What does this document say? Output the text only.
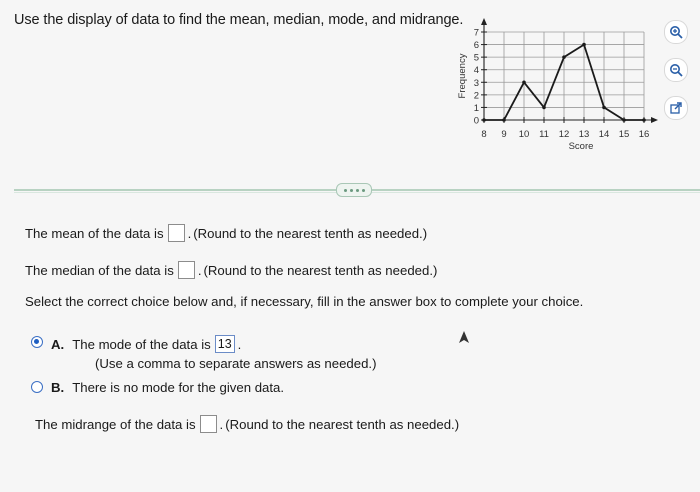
Use the display of data to find the mean, median, mode, and midrange.
0
1
2
3
4
5
6
7
8 9 10 11 12 13 14 15 16
Score
Frequency
The mean of the data is . (Round to the nearest tenth as needed.)
The median of the data is . (Round to the nearest tenth as needed.)
Select the correct choice below and, if necessary, fill in the answer box to complete your choice.
A. The mode of the data is 13 .
(Use a comma to separate answers as needed.)
B. There is no mode for the given data.
The midrange of the data is . (Round to the nearest tenth as needed.)
